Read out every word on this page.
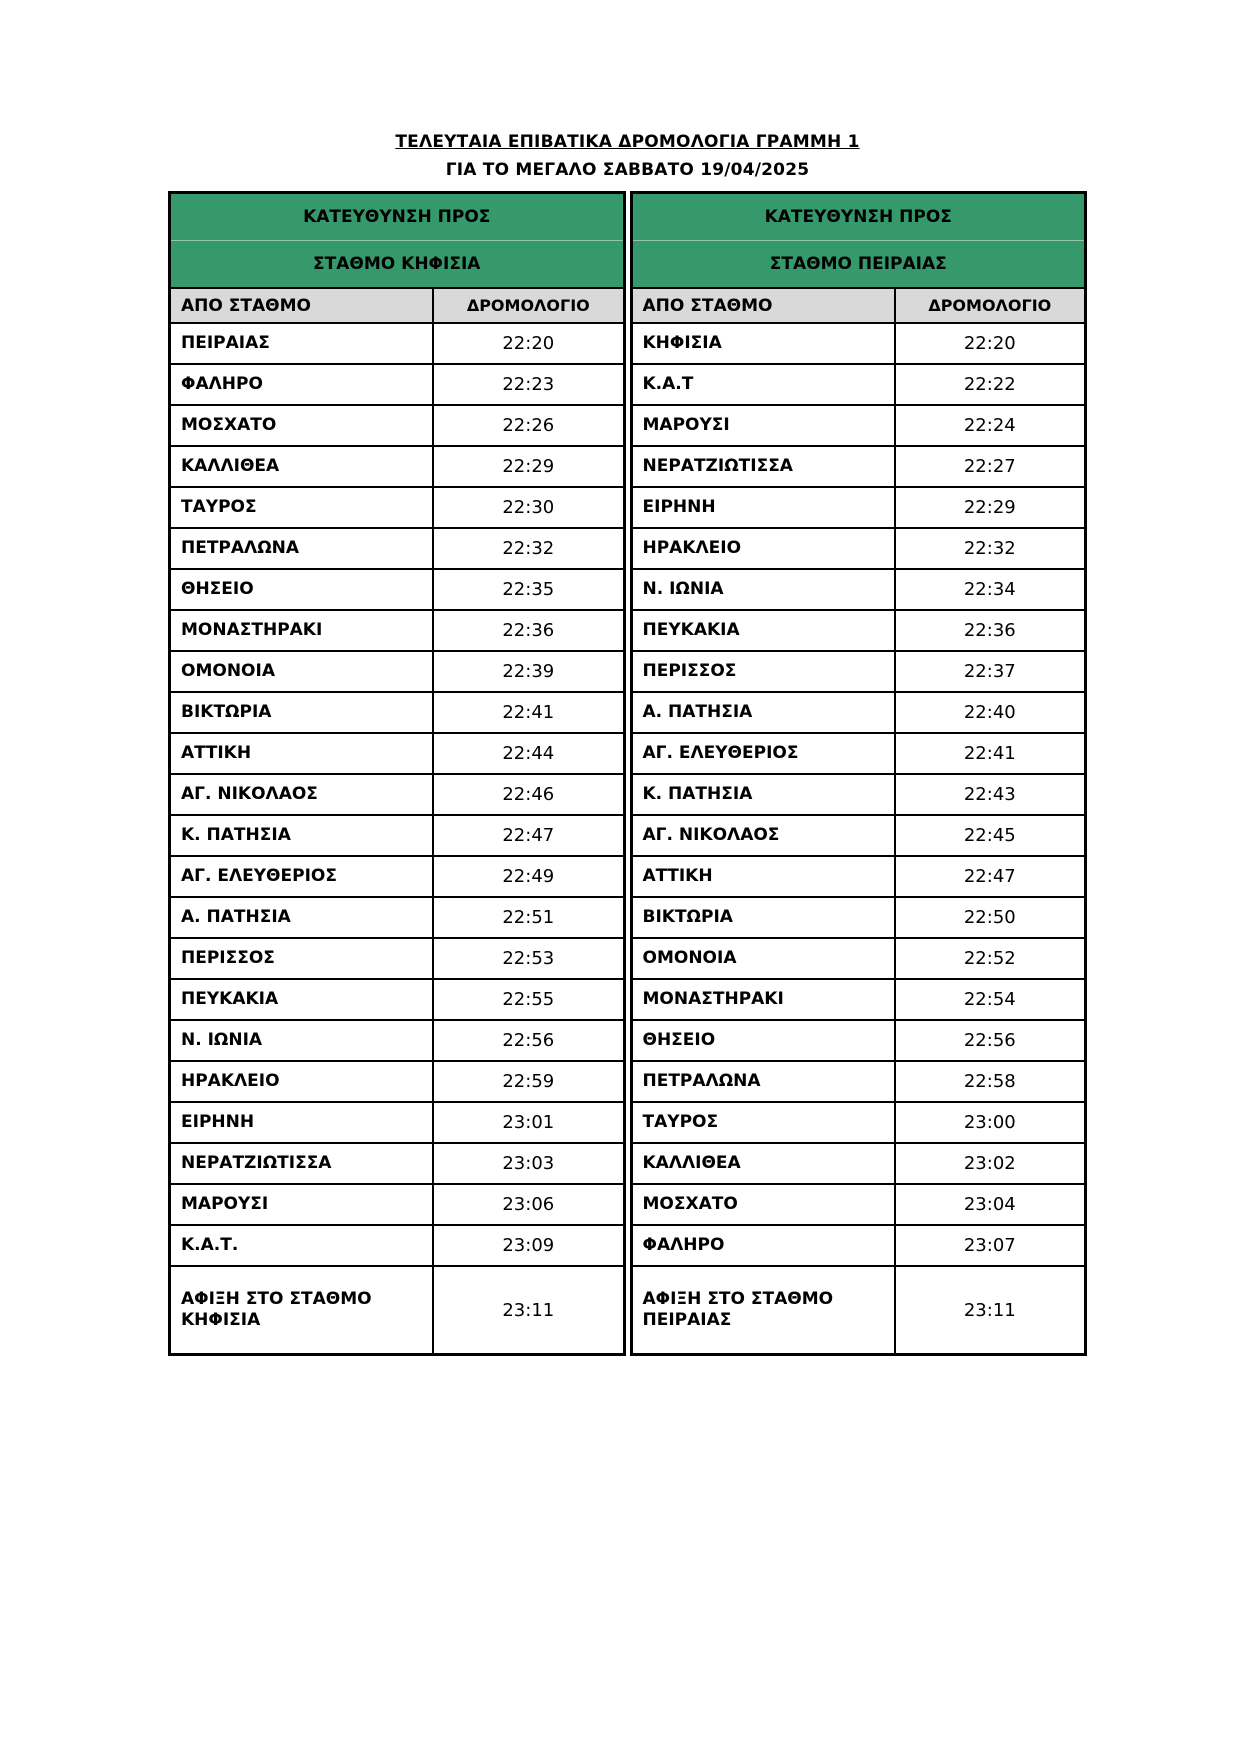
ΤΕΛΕΥΤΑΙΑ ΕΠΙΒΑΤΙΚΑ ΔΡΟΜΟΛΟΓΙΑ ΓΡΑΜΜΗ 1
ΓΙΑ ΤΟ ΜΕΓΑΛΟ ΣΑΒΒΑΤΟ 19/04/2025
ΚΑΤΕΥΘΥΝΣΗ ΠΡΟΣ
ΣΤΑΘΜΟ ΚΗΦΙΣΙΑ	

ΑΠΟ ΣΤΑΘΜΟ	ΔΡΟΜΟΛΟΓΙΟ
ΠΕΙΡΑΙΑΣ	22:20
ΦΑΛΗΡΟ	22:23
ΜΟΣΧΑΤΟ	22:26
ΚΑΛΛΙΘΕΑ	22:29
ΤΑΥΡΟΣ	22:30
ΠΕΤΡΑΛΩΝΑ	22:32
ΘΗΣΕΙΟ	22:35
ΜΟΝΑΣΤΗΡΑΚΙ	22:36
ΟΜΟΝΟΙΑ	22:39
ΒΙΚΤΩΡΙΑ	22:41
ΑΤΤΙΚΗ	22:44
ΑΓ. ΝΙΚΟΛΑΟΣ	22:46
Κ. ΠΑΤΗΣΙΑ	22:47
ΑΓ. ΕΛΕΥΘΕΡΙΟΣ	22:49
Α. ΠΑΤΗΣΙΑ	22:51
ΠΕΡΙΣΣΟΣ	22:53
ΠΕΥΚΑΚΙΑ	22:55
Ν. ΙΩΝΙΑ	22:56
ΗΡΑΚΛΕΙΟ	22:59
ΕΙΡΗΝΗ	23:01
ΝΕΡΑΤΖΙΩΤΙΣΣΑ	23:03
ΜΑΡΟΥΣΙ	23:06
Κ.Α.Τ.	23:09
ΑΦΙΞΗ ΣΤΟ ΣΤΑΘΜΟ ΚΗΦΙΣΙΑ	23:11
ΚΑΤΕΥΘΥΝΣΗ ΠΡΟΣ
ΣΤΑΘΜΟ ΠΕΙΡΑΙΑΣ	

ΑΠΟ ΣΤΑΘΜΟ	ΔΡΟΜΟΛΟΓΙΟ
ΚΗΦΙΣΙΑ	22:20
Κ.Α.Τ	22:22
ΜΑΡΟΥΣΙ	22:24
ΝΕΡΑΤΖΙΩΤΙΣΣΑ	22:27
ΕΙΡΗΝΗ	22:29
ΗΡΑΚΛΕΙΟ	22:32
Ν. ΙΩΝΙΑ	22:34
ΠΕΥΚΑΚΙΑ	22:36
ΠΕΡΙΣΣΟΣ	22:37
Α. ΠΑΤΗΣΙΑ	22:40
ΑΓ. ΕΛΕΥΘΕΡΙΟΣ	22:41
Κ. ΠΑΤΗΣΙΑ	22:43
ΑΓ. ΝΙΚΟΛΑΟΣ	22:45
ΑΤΤΙΚΗ	22:47
ΒΙΚΤΩΡΙΑ	22:50
ΟΜΟΝΟΙΑ	22:52
ΜΟΝΑΣΤΗΡΑΚΙ	22:54
ΘΗΣΕΙΟ	22:56
ΠΕΤΡΑΛΩΝΑ	22:58
ΤΑΥΡΟΣ	23:00
ΚΑΛΛΙΘΕΑ	23:02
ΜΟΣΧΑΤΟ	23:04
ΦΑΛΗΡΟ	23:07
ΑΦΙΞΗ ΣΤΟ ΣΤΑΘΜΟ ΠΕΙΡΑΙΑΣ	23:11
